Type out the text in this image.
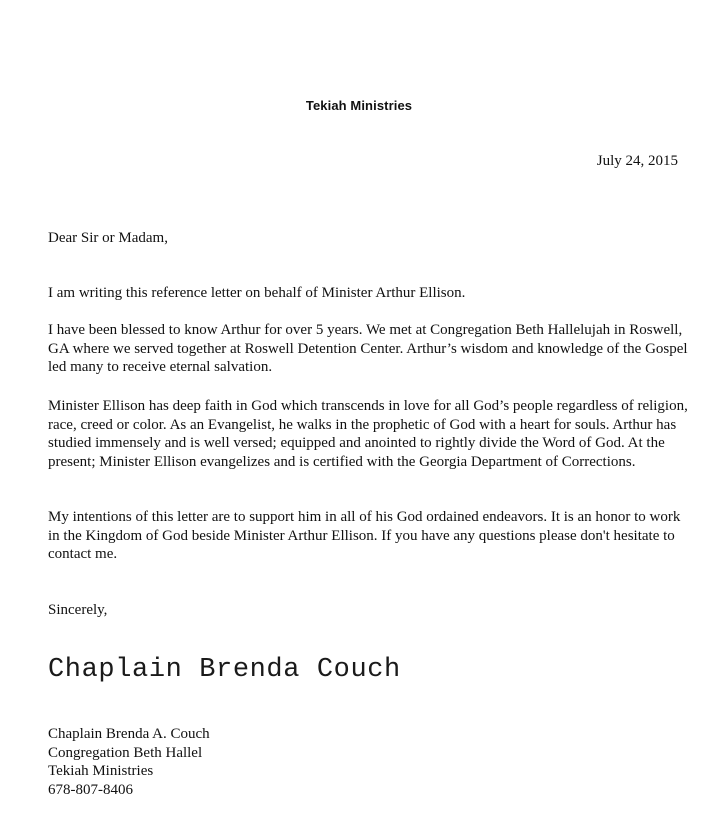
Tekiah Ministries
July 24, 2015

Dear Sir or Madam,

I am writing this reference letter on behalf of Minister Arthur Ellison.

I have been blessed to know Arthur for over 5 years. We met at Congregation Beth Hallelujah in Roswell, GA where we served together at Roswell Detention Center. Arthur’s wisdom and knowledge of the Gospel led many to receive eternal salvation.

Minister Ellison has deep faith in God which transcends in love for all God’s people regardless of religion, race, creed or color. As an Evangelist, he walks in the prophetic of God with a heart for souls. Arthur has studied immensely and is well versed; equipped and anointed to rightly divide the Word of God. At the present; Minister Ellison evangelizes and is certified with the Georgia Department of Corrections.

My intentions of this letter are to support him in all of his God ordained endeavors. It is an honor to work in the Kingdom of God beside Minister Arthur Ellison. If you have any questions please don't hesitate to contact me.

Sincerely,

Chaplain Brenda Couch
Chaplain Brenda A. Couch
Congregation Beth Hallel
Tekiah Ministries
678-807-8406
